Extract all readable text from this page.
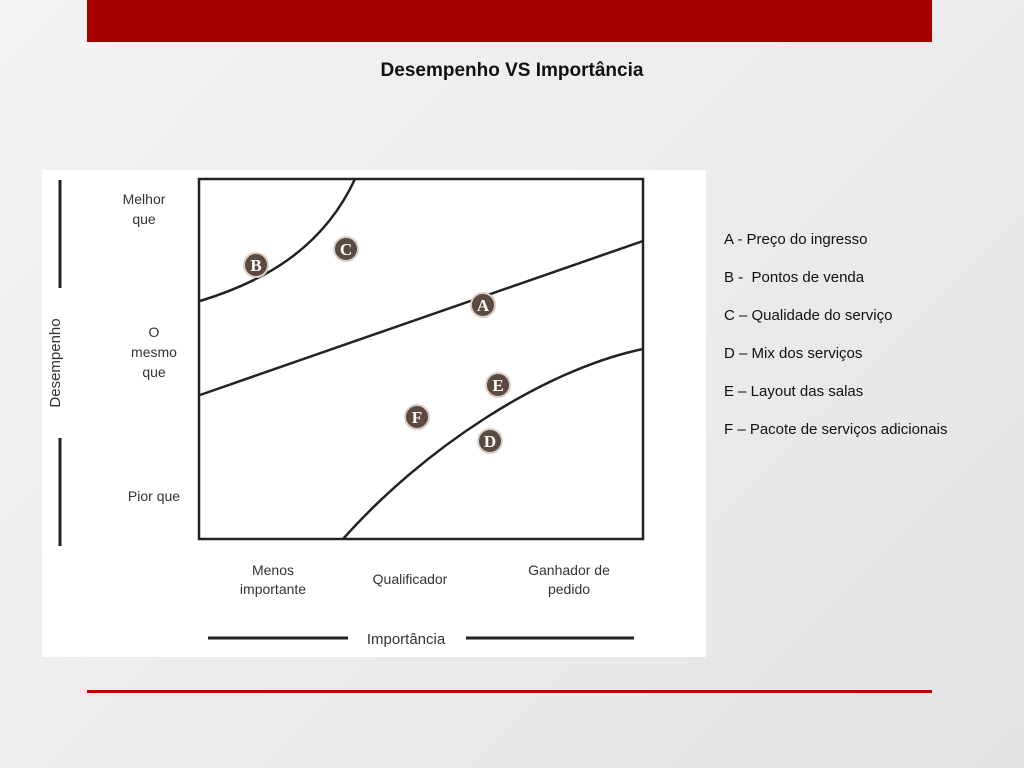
Desempenho VS Importância
Desempenho
Melhor
que
O
mesmo
que
Pior que
B
C
A
E
F
D
Menos
importante
Qualificador
Ganhador de
pedido
Importância
A - Preço do ingresso
B -  Pontos de venda
C – Qualidade do serviço
D – Mix dos serviços
E – Layout das salas
F – Pacote de serviços adicionais
